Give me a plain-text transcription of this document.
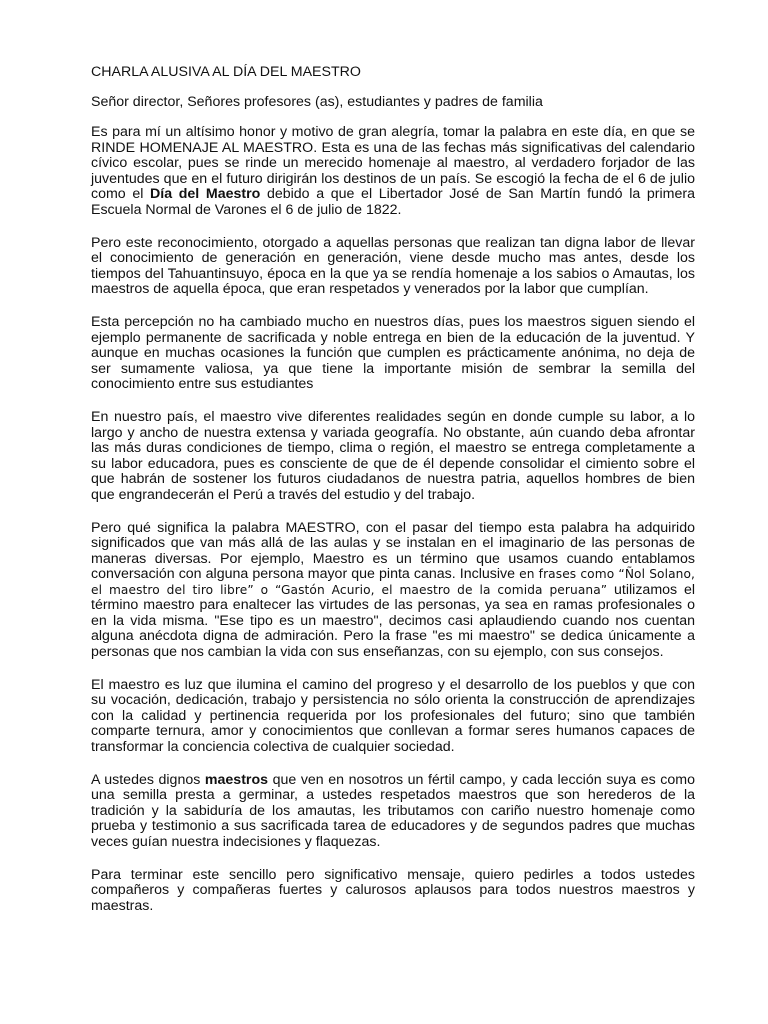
CHARLA ALUSIVA AL DÍA DEL MAESTRO

Señor director, Señores profesores (as), estudiantes y padres de familia

Es para mí un altísimo honor y motivo de gran alegría, tomar la palabra en este día, en que se RINDE HOMENAJE AL MAESTRO. Esta es una de las fechas más significativas del calendario cívico escolar, pues se rinde un merecido homenaje al maestro, al verdadero forjador de las juventudes que en el futuro dirigirán los destinos de un país. Se escogió la fecha de el 6 de julio como el Día del Maestro debido a que el Libertador José de San Martín fundó la primera Escuela Normal de Varones el 6 de julio de 1822.

Pero este reconocimiento, otorgado a aquellas personas que realizan tan digna labor de llevar el conocimiento de generación en generación, viene desde mucho mas antes, desde los tiempos del Tahuantinsuyo, época en la que ya se rendía homenaje a los sabios o Amautas, los maestros de aquella época, que eran respetados y venerados por la labor que cumplían.

Esta percepción no ha cambiado mucho en nuestros días, pues los maestros siguen siendo el ejemplo permanente de sacrificada y noble entrega en bien de la educación de la juventud. Y aunque en muchas ocasiones la función que cumplen es prácticamente anónima, no deja de ser sumamente valiosa, ya que tiene la importante misión de sembrar la semilla del conocimiento entre sus estudiantes

En nuestro país, el maestro vive diferentes realidades según en donde cumple su labor, a lo largo y ancho de nuestra extensa y variada geografía. No obstante, aún cuando deba afrontar las más duras condiciones de tiempo, clima o región, el maestro se entrega completamente a su labor educadora, pues es consciente de que de él depende consolidar el cimiento sobre el que habrán de sostener los futuros ciudadanos de nuestra patria, aquellos hombres de bien que engrandecerán el Perú a través del estudio y del trabajo.

Pero qué significa la palabra MAESTRO, con el pasar del tiempo esta palabra ha adquirido significados que van más allá de las aulas y se instalan en el imaginario de las personas de maneras diversas. Por ejemplo, Maestro es un término que usamos cuando entablamos conversación con alguna persona mayor que pinta canas. Inclusive en frases como “Ñol Solano, el maestro del tiro libre” o “Gastón Acurio, el maestro de la comida peruana” utilizamos el término maestro para enaltecer las virtudes de las personas, ya sea en ramas profesionales o en la vida misma. "Ese tipo es un maestro", decimos casi aplaudiendo cuando nos cuentan alguna anécdota digna de admiración. Pero la frase "es mi maestro" se dedica únicamente a personas que nos cambian la vida con sus enseñanzas, con su ejemplo, con sus consejos.

El maestro es luz que ilumina el camino del progreso y el desarrollo de los pueblos y que con su vocación, dedicación, trabajo y persistencia no sólo orienta la construcción de aprendizajes con la calidad y pertinencia requerida por los profesionales del futuro; sino que también comparte ternura, amor y conocimientos que conllevan a formar seres humanos capaces de transformar la conciencia colectiva de cualquier sociedad.

A ustedes dignos maestros que ven en nosotros un fértil campo, y cada lección suya es como una semilla presta a germinar, a ustedes respetados maestros que son herederos de la tradición y la sabiduría de los amautas, les tributamos con cariño nuestro homenaje como prueba y testimonio a sus sacrificada tarea de educadores y de segundos padres que muchas veces guían nuestra indecisiones y flaquezas.

Para terminar este sencillo pero significativo mensaje, quiero pedirles a todos ustedes compañeros y compañeras fuertes y calurosos aplausos para todos nuestros maestros y maestras.
